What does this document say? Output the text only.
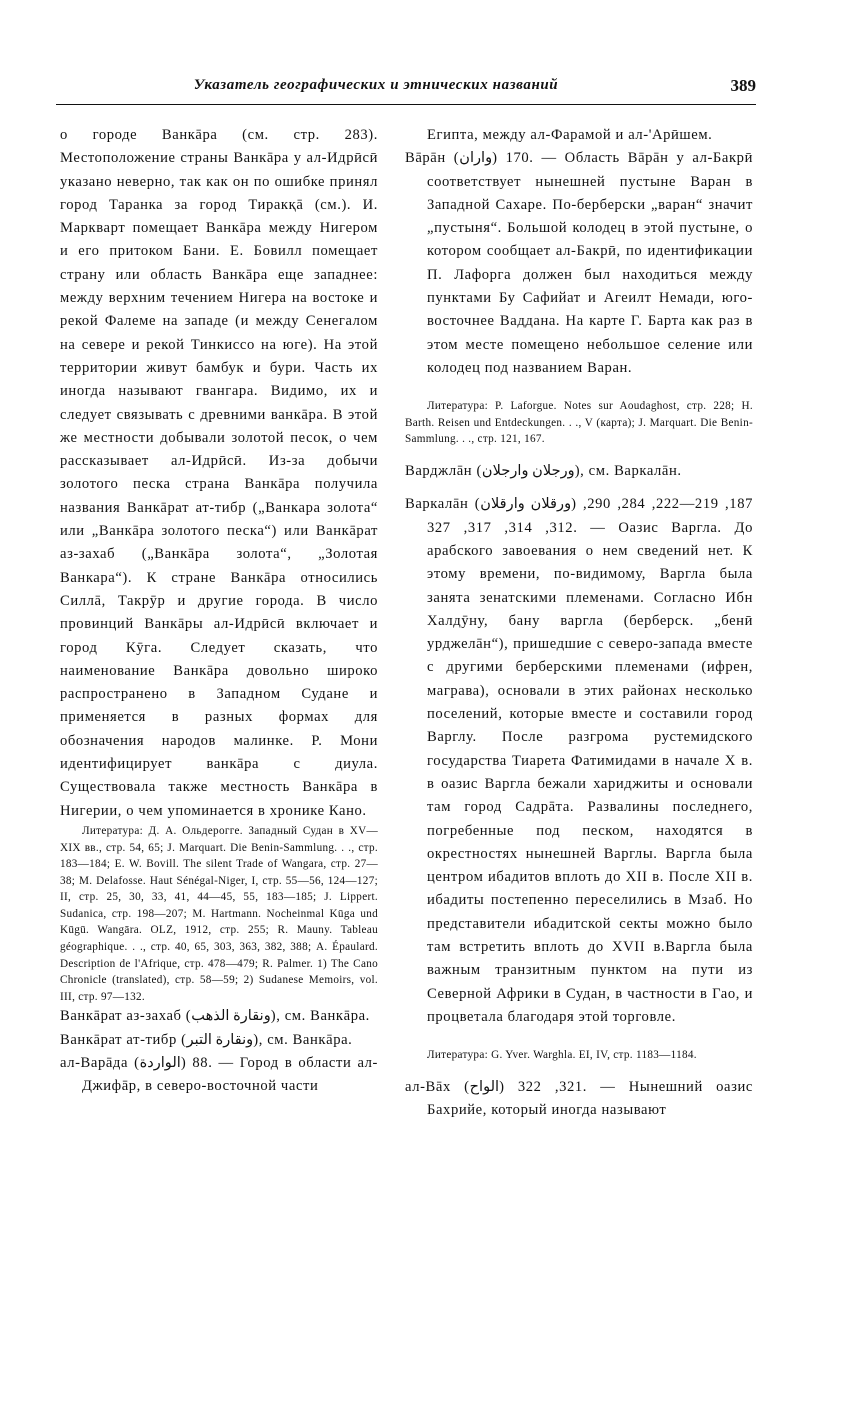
Указатель географических и этнических названий	389

о городе Ванкāра (см. стр. 283). Местоположение страны Ванкāра у ал-Идрӣсӣ указано неверно, так как он по ошибке принял город Таранка за город Тиракқā (см.). И. Маркварт помещает Ванкāра между Нигером и его притоком Бани. Е. Бовилл помещает страну или область Ванкāра еще западнее: между верхним течением Нигера на востоке и рекой Фалеме на западе (и между Сенегалом на севере и рекой Тинкиссо на юге). На этой территории живут бамбук и бури. Часть их иногда называют гвангара. Видимо, их и следует связывать с древними ванкāра. В этой же местности добывали золотой песок, о чем рассказывает ал-Идрӣсӣ. Из-за добычи золотого песка страна Ванкāра получила названия Ванкāрат ат-тибр („Ванкара золота“ или „Ванкāра золотого песка“) или Ванкāрат аз-захаб („Ванкāра золота“, „Золотая Ванкара“). К стране Ванкāра относились Силлā, Такрӯр и другие города. В число провинций Ванкāры ал-Идрӣсӣ включает и город Кӯга. Следует сказать, что наименование Ванкāра довольно широко распространено в Западном Судане и применяется в разных формах для обозначения народов малинке. Р. Мони идентифицирует ванкāра с диула. Существовала также местность Ванкāра в Нигерии, о чем упоминается в хронике Кано.

Литература: Д. А. Ольдерогге. Западный Судан в XV—XIX вв., стр. 54, 65; J. Marquart. Die Benin-Sammlung. . ., стр. 183—184; E. W. Bovill. The silent Trade of Wangara, стр. 27—38; M. Delafosse. Haut Sénégal-Niger, I, стр. 55—56, 124—127; II, стр. 25, 30, 33, 41, 44—45, 55, 183—185; J. Lippert. Sudanica, стр. 198—207; M. Hartmann. Nocheinmal Kūga und Kūgū. Wangāra. OLZ, 1912, стр. 255; R. Mauny. Tableau géographique. . ., стр. 40, 65, 303, 363, 382, 388; A. Épaulard. Description de l'Afrique, стр. 478—479; R. Palmer. 1) The Cano Chronicle (translated), стр. 58—59; 2) Sudanese Memoirs, vol. III, стр. 97—132.

Ванкāрат аз-захаб (ونقارة الذهب), см. Ванкāра.

Ванкāрат ат-тибр (ونقارة التبر), см. Ванкāра.

ал-Варāда (الواردة) 88. — Город в области ал-Джифāр, в северо-восточной части

Египта, между ал-Фарамой и ал-'Арӣшем.

Вāрāн (واران) 170. — Область Вāрāн у ал-Бакрӣ соответствует нынешней пустыне Варан в Западной Сахаре. По-берберски „варан“ значит „пустыня“. Большой колодец в этой пустыне, о котором сообщает ал-Бакрӣ, по идентификации П. Лафорга должен был находиться между пунктами Бу Сафийат и Агеилт Немади, юго-восточнее Ваддана. На карте Г. Барта как раз в этом месте помещено небольшое селение или колодец под названием Варан.

Литература: P. Laforgue. Notes sur Aoudaghost, стр. 228; H. Barth. Reisen und Entdeckungen. . ., V (карта); J. Marquart. Die Benin-Sammlung. . ., стр. 121, 167.

Варджлāн (ورجلان وارجلان), см. Варкалāн.

Варкалāн (ورقلان وارقلان) 187, 219—222, 284, 290, 312, 314, 317, 327. — Оазис Варгла. До арабского завоевания о нем сведений нет. К этому времени, по-видимому, Варгла была занята зенатскими племенами. Согласно Ибн Халдӯну, бану варгла (берберск. „бенӣ урджелāн“), пришедшие с северо-запада вместе с другими берберскими племенами (ифрен, маграва), основали в этих районах несколько поселений, которые вместе и составили город Варглу. После разгрома рустемидского государства Тиарета Фатимидами в начале X в. в оазис Варгла бежали хариджиты и основали там город Садрāта. Развалины последнего, погребенные под песком, находятся в окрестностях нынешней Варглы. Варгла была центром ибадитов вплоть до XII в. После XII в. ибадиты постепенно переселились в Мзаб. Но представители ибадитской секты можно было там встретить вплоть до XVII в.Варгла была важным транзитным пунктом на пути из Северной Африки в Судан, в частности в Гао, и процветала благодаря этой торговле.

Литература: G. Yver. Warghla. EI, IV, стр. 1183—1184.

ал-Вāх (الواح) 321, 322. — Нынешний оазис Бахрийе, который иногда называют
